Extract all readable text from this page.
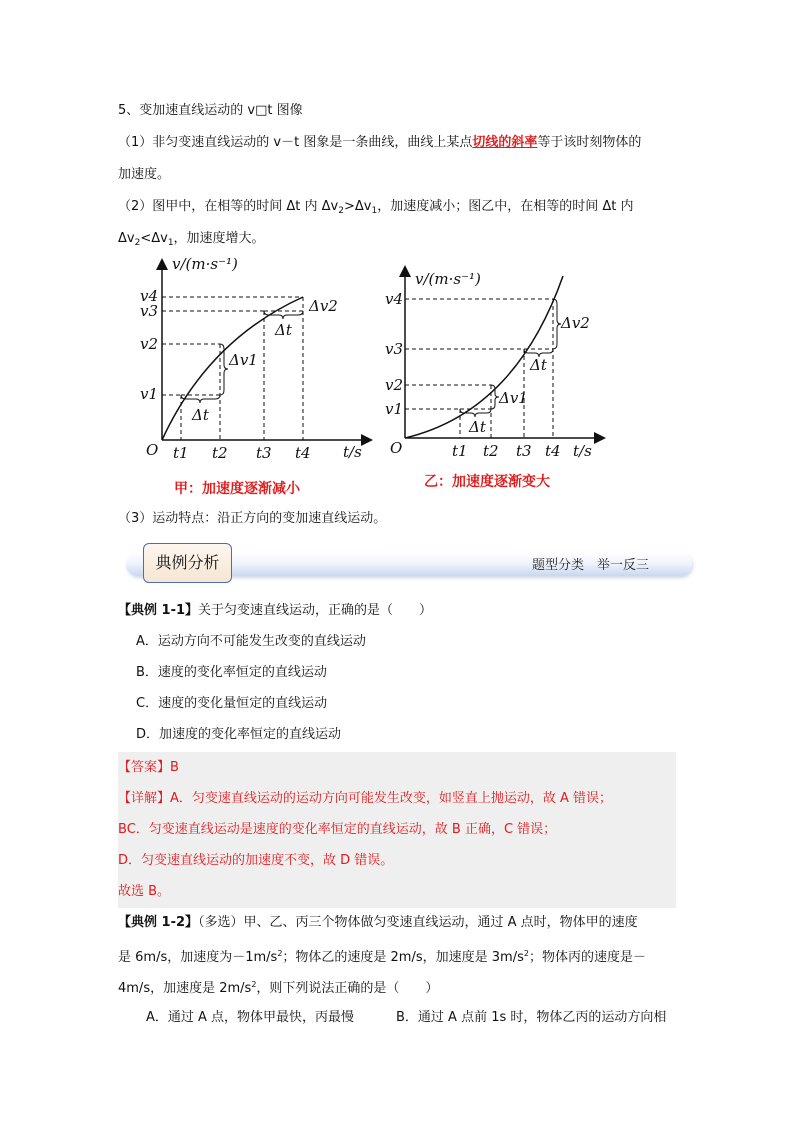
5、变加速直线运动的 v□t 图像
（1）非匀变速直线运动的 v－t 图象是一条曲线，曲线上某点切线的斜率等于该时刻物体的
加速度。
（2）图甲中，在相等的时间 Δt 内 $\Delta v_2>\Delta v_1$，加速度减小；图乙中，在相等的时间 Δt 内
$\Delta v_2<\Delta v_1$，加速度增大。
v/(m·s⁻¹)
t/s
O
v4
v3
v2
v1
t1 t2 t3 t4
Δv1
Δv2
Δt
Δt
甲：加速度逐渐减小
v/(m·s⁻¹)
t/s
O
v4
v3
v2
v1
t1 t2 t3 t4
Δv1
Δv2
Δt
Δt
乙：加速度逐渐变大
（3）运动特点：沿正方向的变加速直线运动。
典例分析	题型分类　举一反三
【典例 1-1】关于匀变速直线运动，正确的是（　　）
A．运动方向不可能发生改变的直线运动
B．速度的变化率恒定的直线运动
C．速度的变化量恒定的直线运动
D．加速度的变化率恒定的直线运动
【答案】B
【详解】A．匀变速直线运动的运动方向可能发生改变，如竖直上抛运动，故 A 错误；
BC．匀变速直线运动是速度的变化率恒定的直线运动，故 B 正确，C 错误；
D．匀变速直线运动的加速度不变，故 D 错误。
故选 B。
【典例 1-2】（多选）甲、乙、丙三个物体做匀变速直线运动，通过 A 点时，物体甲的速度
是 6m/s，加速度为$-1m/s^2$；物体乙的速度是 2m/s，加速度是 $3m/s^2$；物体丙的速度是－
4m/s，加速度是 $2m/s^2$，则下列说法正确的是（　　）
A．通过 A 点，物体甲最快，丙最慢	B．通过 A 点前 1s 时，物体乙丙的运动方向相
